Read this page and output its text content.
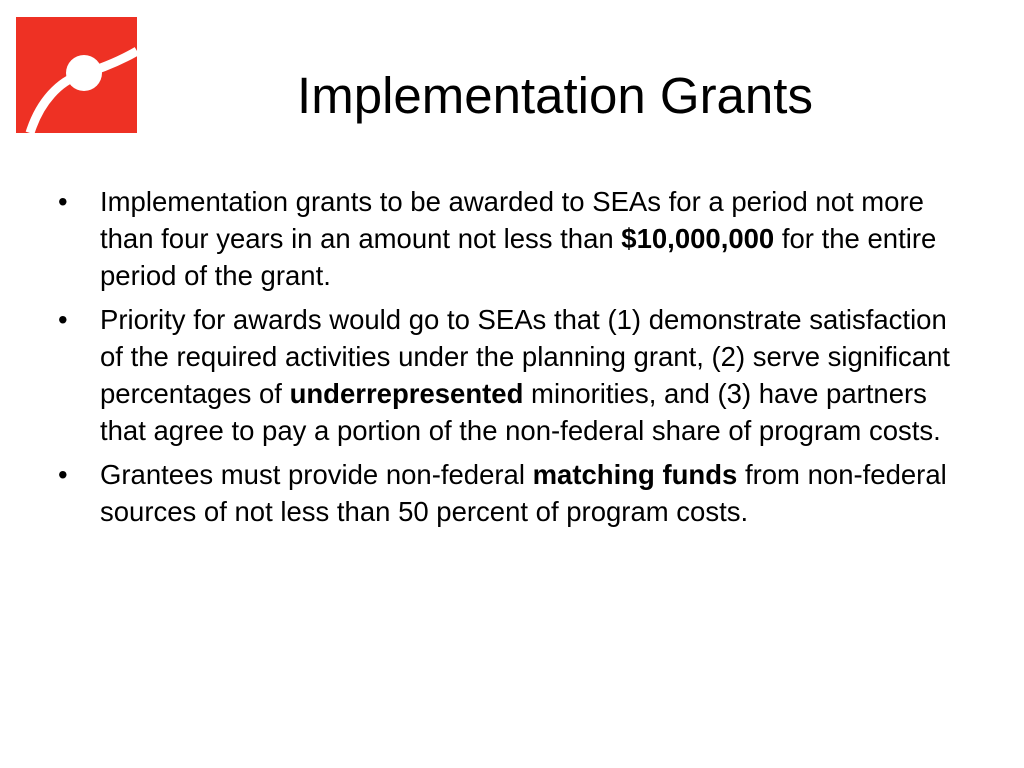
Implementation Grants
•	Implementation grants to be awarded to SEAs for a period not more than four years in an amount not less than $10,000,000 for the entire period of the grant.
•	Priority for awards would go to SEAs that (1) demonstrate satisfaction of the required activities under the planning grant, (2) serve significant percentages of underrepresented minorities, and (3) have partners that agree to pay a portion of the non-federal share of program costs.
•	Grantees must provide non-federal matching funds from non-federal sources of not less than 50 percent of program costs.
